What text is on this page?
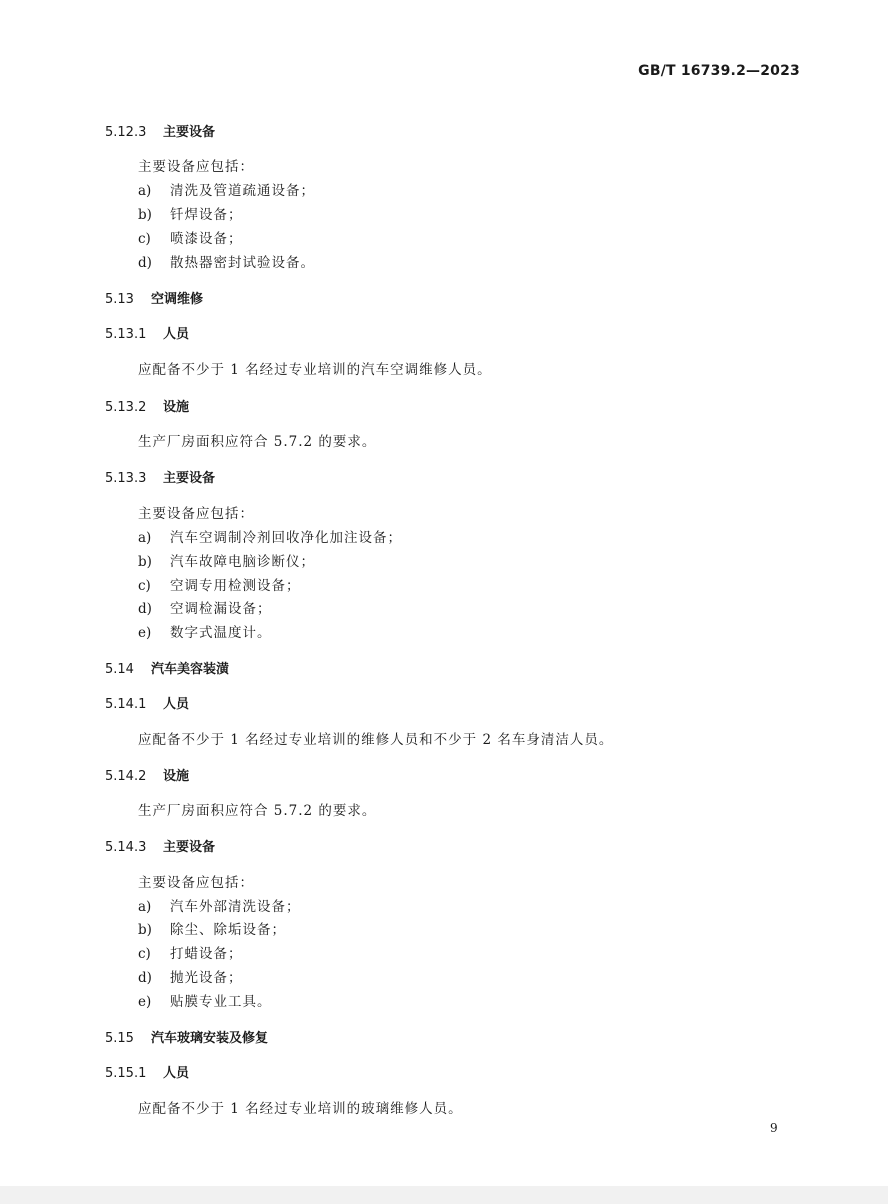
GB/T 16739.2—2023
5.12.3 主要设备
主要设备应包括：
a) 清洗及管道疏通设备；
b) 钎焊设备；
c) 喷漆设备；
d) 散热器密封试验设备。
5.13 空调维修
5.13.1 人员
应配备不少于 1 名经过专业培训的汽车空调维修人员。
5.13.2 设施
生产厂房面积应符合 5.7.2 的要求。
5.13.3 主要设备
主要设备应包括：
a) 汽车空调制冷剂回收净化加注设备；
b) 汽车故障电脑诊断仪；
c) 空调专用检测设备；
d) 空调检漏设备；
e) 数字式温度计。
5.14 汽车美容装潢
5.14.1 人员
应配备不少于 1 名经过专业培训的维修人员和不少于 2 名车身清洁人员。
5.14.2 设施
生产厂房面积应符合 5.7.2 的要求。
5.14.3 主要设备
主要设备应包括：
a) 汽车外部清洗设备；
b) 除尘、除垢设备；
c) 打蜡设备；
d) 抛光设备；
e) 贴膜专业工具。
5.15 汽车玻璃安装及修复
5.15.1 人员
应配备不少于 1 名经过专业培训的玻璃维修人员。
9
